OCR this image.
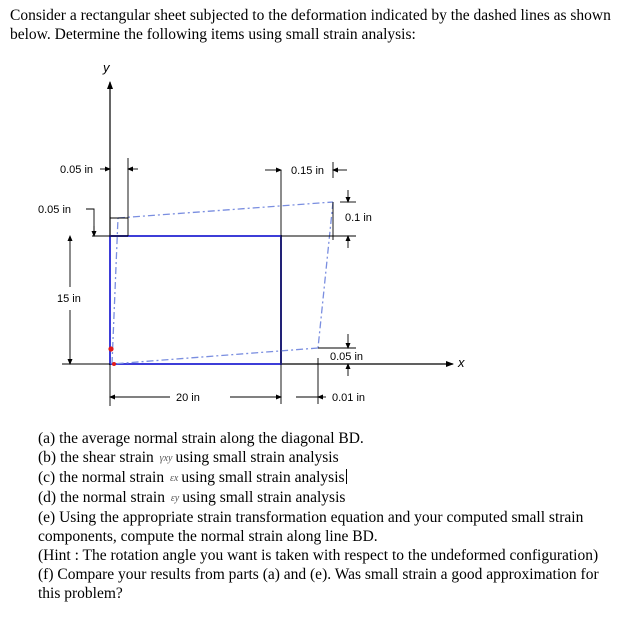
Consider a rectangular sheet subjected to the deformation indicated by the dashed lines as shown below. Determine the following items using small strain analysis:
y
x
0.05 in
0.05 in
0.15 in
0.1 in
15 in
0.05 in
20 in	0.01 in

(a) the average normal strain along the diagonal BD.

(b) the shear strain γxy using small strain analysis

(c) the normal strain εx using small strain analysis

(d) the normal strain εy using small strain analysis

(e) Using the appropriate strain transformation equation and your computed small strain components, compute the normal strain along line BD.

(Hint : The rotation angle you want is taken with respect to the undeformed configuration)

(f) Compare your results from parts (a) and (e). Was small strain a good approximation for this problem?
